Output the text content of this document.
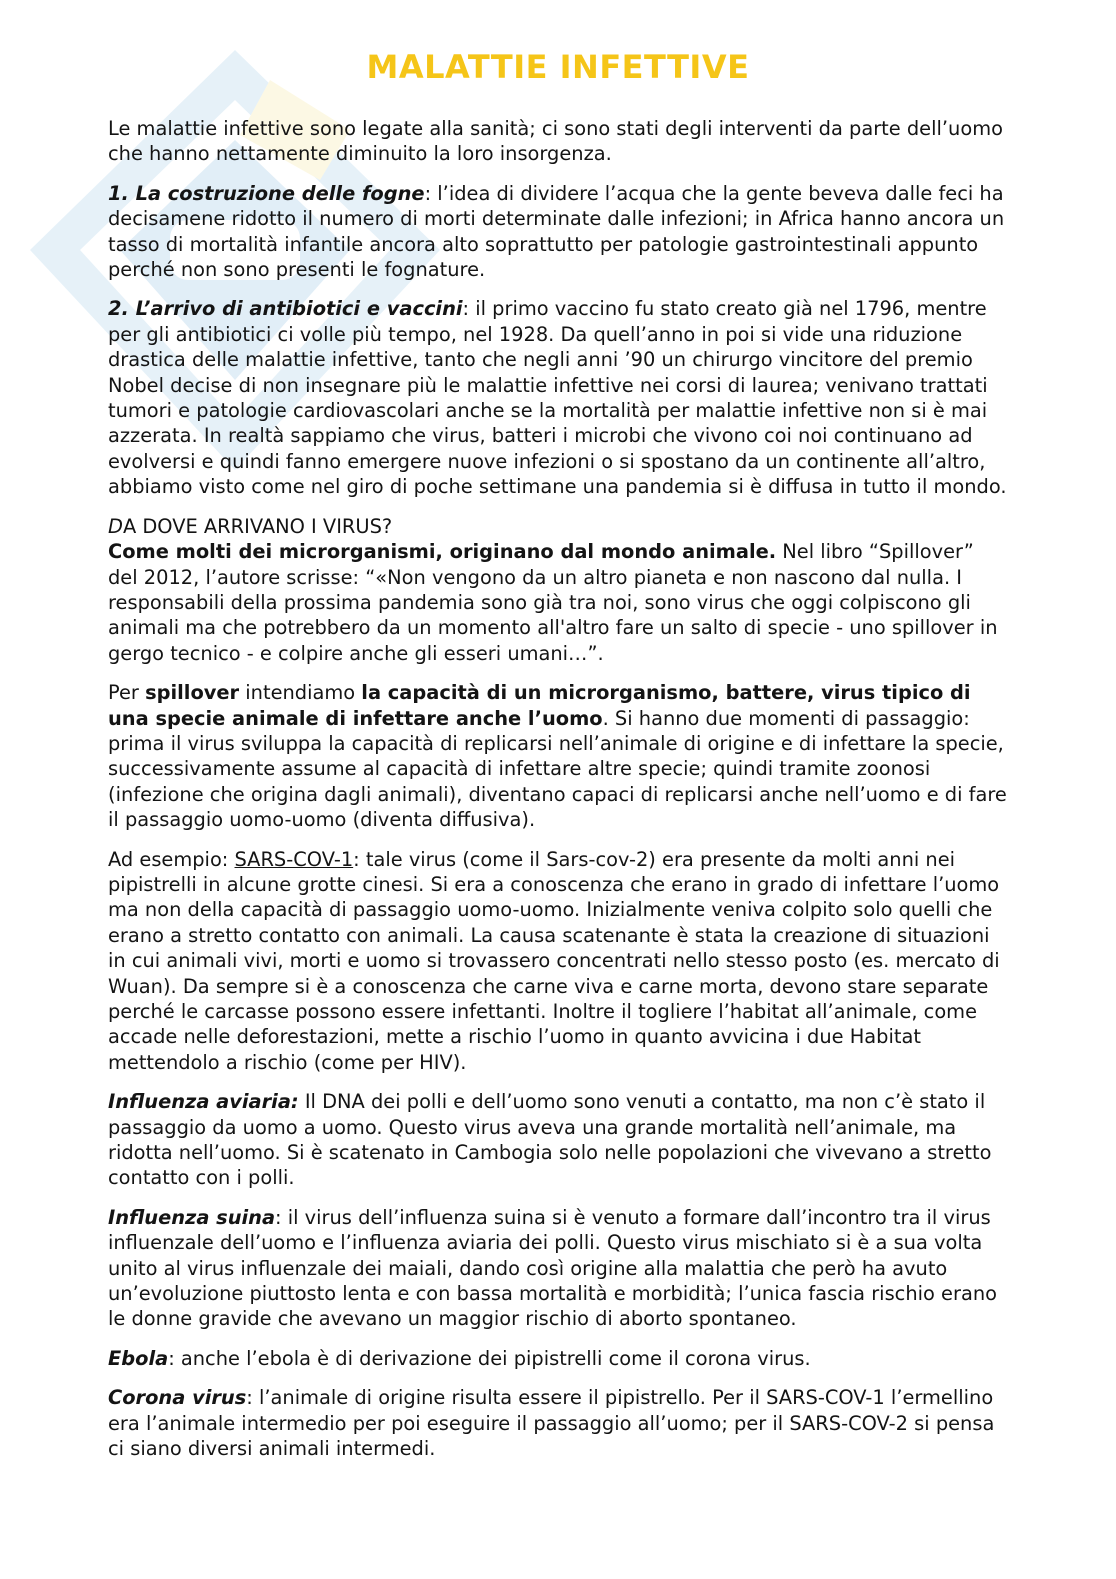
MALATTIE INFETTIVE

Le malattie infettive sono legate alla sanità; ci sono stati degli interventi da parte dell’uomo che hanno nettamente diminuito la loro insorgenza.

1. La costruzione delle fogne: l’idea di dividere l’acqua che la gente beveva dalle feci ha decisamene ridotto il numero di morti determinate dalle infezioni; in Africa hanno ancora un tasso di mortalità infantile ancora alto soprattutto per patologie gastrointestinali appunto perché non sono presenti le fognature.

2. L’arrivo di antibiotici e vaccini: il primo vaccino fu stato creato già nel 1796, mentre per gli antibiotici ci volle più tempo, nel 1928. Da quell’anno in poi si vide una riduzione drastica delle malattie infettive, tanto che negli anni ’90 un chirurgo vincitore del premio Nobel decise di non insegnare più le malattie infettive nei corsi di laurea; venivano trattati tumori e patologie cardiovascolari anche se la mortalità per malattie infettive non si è mai azzerata. In realtà sappiamo che virus, batteri i microbi che vivono coi noi continuano ad evolversi e quindi fanno emergere nuove infezioni o si spostano da un continente all’altro, abbiamo visto come nel giro di poche settimane una pandemia si è diffusa in tutto il mondo.

DA DOVE ARRIVANO I VIRUS?

Come molti dei microrganismi, originano dal mondo animale. Nel libro “Spillover” del 2012, l’autore scrisse: “«Non vengono da un altro pianeta e non nascono dal nulla. I responsabili della prossima pandemia sono già tra noi, sono virus che oggi colpiscono gli animali ma che potrebbero da un momento all'altro fare un salto di specie - uno spillover in gergo tecnico - e colpire anche gli esseri umani…”.

Per spillover intendiamo la capacità di un microrganismo, battere, virus tipico di una specie animale di infettare anche l’uomo. Si hanno due momenti di passaggio: prima il virus sviluppa la capacità di replicarsi nell’animale di origine e di infettare la specie, successivamente assume al capacità di infettare altre specie; quindi tramite zoonosi (infezione che origina dagli animali), diventano capaci di replicarsi anche nell’uomo e di fare il passaggio uomo-uomo (diventa diffusiva).

Ad esempio: SARS-COV-1: tale virus (come il Sars-cov-2) era presente da molti anni nei pipistrelli in alcune grotte cinesi. Si era a conoscenza che erano in grado di infettare l’uomo ma non della capacità di passaggio uomo-uomo. Inizialmente veniva colpito solo quelli che erano a stretto contatto con animali. La causa scatenante è stata la creazione di situazioni in cui animali vivi, morti e uomo si trovassero concentrati nello stesso posto (es. mercato di Wuan). Da sempre si è a conoscenza che carne viva e carne morta, devono stare separate perché le carcasse possono essere infettanti. Inoltre il togliere l’habitat all’animale, come accade nelle deforestazioni, mette a rischio l’uomo in quanto avvicina i due Habitat mettendolo a rischio (come per HIV).

Influenza aviaria: Il DNA dei polli e dell’uomo sono venuti a contatto, ma non c’è stato il passaggio da uomo a uomo. Questo virus aveva una grande mortalità nell’animale, ma ridotta nell’uomo. Si è scatenato in Cambogia solo nelle popolazioni che vivevano a stretto contatto con i polli.

Influenza suina: il virus dell’influenza suina si è venuto a formare dall’incontro tra il virus influenzale dell’uomo e l’influenza aviaria dei polli. Questo virus mischiato si è a sua volta unito al virus influenzale dei maiali, dando così origine alla malattia che però ha avuto un’evoluzione piuttosto lenta e con bassa mortalità e morbidità; l’unica fascia rischio erano le donne gravide che avevano un maggior rischio di aborto spontaneo.

Ebola: anche l’ebola è di derivazione dei pipistrelli come il corona virus.

Corona virus: l’animale di origine risulta essere il pipistrello. Per il SARS-COV-1 l’ermellino era l’animale intermedio per poi eseguire il passaggio all’uomo; per il SARS-COV-2 si pensa ci siano diversi animali intermedi.
